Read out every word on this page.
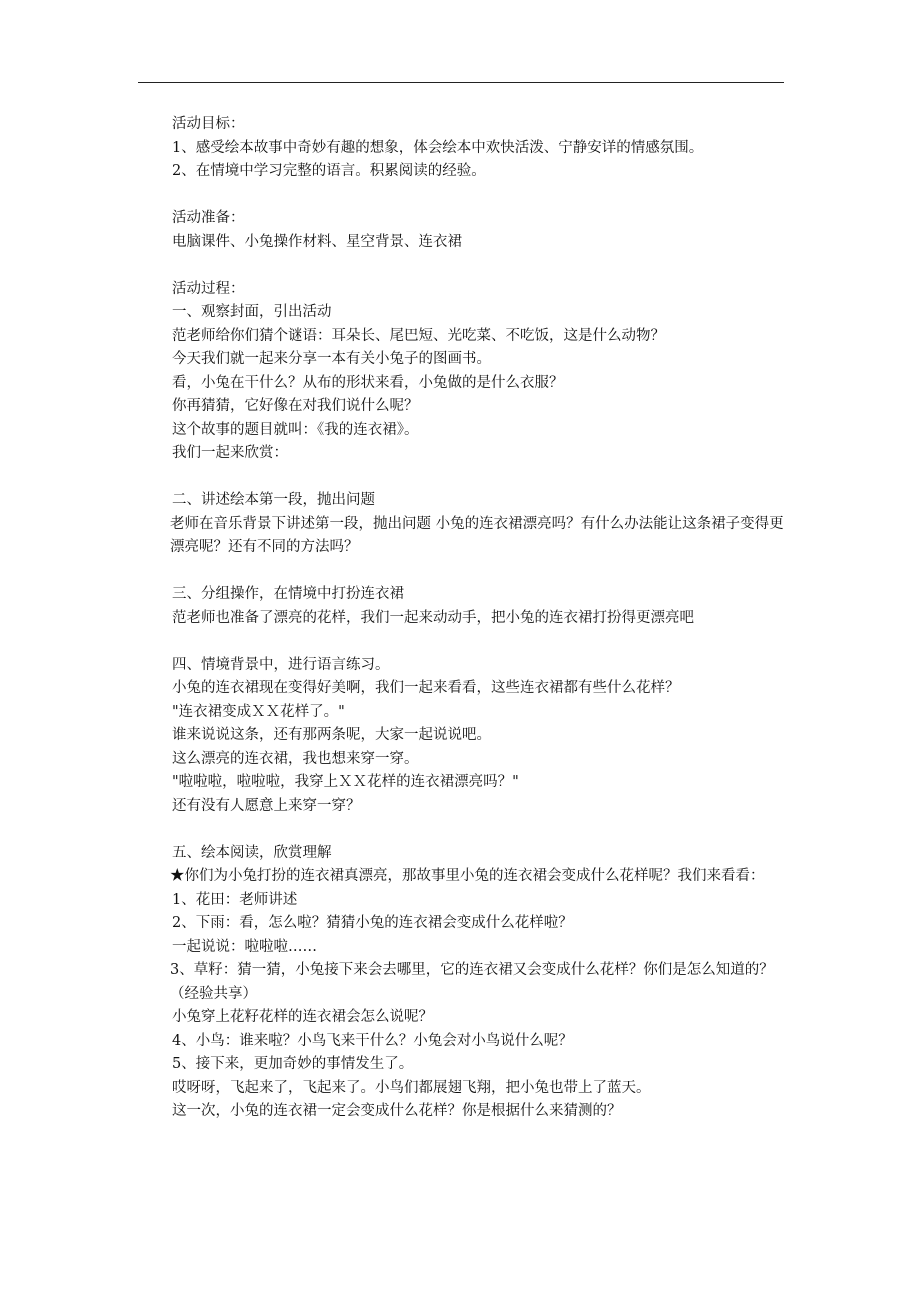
活动目标：
1、感受绘本故事中奇妙有趣的想象，体会绘本中欢快活泼、宁静安详的情感氛围。
2、在情境中学习完整的语言。积累阅读的经验。
活动准备：
电脑课件、小兔操作材料、星空背景、连衣裙
活动过程：
一、观察封面，引出活动
范老师给你们猜个谜语：耳朵长、尾巴短、光吃菜、不吃饭，这是什么动物？
今天我们就一起来分享一本有关小兔子的图画书。
看，小兔在干什么？从布的形状来看，小兔做的是什么衣服？
你再猜猜，它好像在对我们说什么呢？
这个故事的题目就叫：《我的连衣裙》。
我们一起来欣赏：
二、讲述绘本第一段，抛出问题
老师在音乐背景下讲述第一段，抛出问题 小兔的连衣裙漂亮吗？有什么办法能让这条裙子变得更漂亮呢？还有不同的方法吗？
三、分组操作，在情境中打扮连衣裙
范老师也准备了漂亮的花样，我们一起来动动手，把小兔的连衣裙打扮得更漂亮吧
四、情境背景中，进行语言练习。
小兔的连衣裙现在变得好美啊，我们一起来看看，这些连衣裙都有些什么花样？
"连衣裙变成ＸＸ花样了。"
谁来说说这条，还有那两条呢，大家一起说说吧。
这么漂亮的连衣裙，我也想来穿一穿。
"啦啦啦，啦啦啦，我穿上ＸＸ花样的连衣裙漂亮吗？"
还有没有人愿意上来穿一穿？
五、绘本阅读，欣赏理解
★你们为小兔打扮的连衣裙真漂亮，那故事里小兔的连衣裙会变成什么花样呢？我们来看看：
1、花田：老师讲述
2、下雨：看，怎么啦？猜猜小兔的连衣裙会变成什么花样啦？
一起说说：啦啦啦……
3、草籽：猜一猜，小兔接下来会去哪里，它的连衣裙又会变成什么花样？你们是怎么知道的？（经验共享）
小兔穿上花籽花样的连衣裙会怎么说呢？
4、小鸟：谁来啦？小鸟飞来干什么？小兔会对小鸟说什么呢？
5、接下来，更加奇妙的事情发生了。
哎呀呀，飞起来了，飞起来了。小鸟们都展翅飞翔，把小兔也带上了蓝天。
这一次，小兔的连衣裙一定会变成什么花样？你是根据什么来猜测的？
